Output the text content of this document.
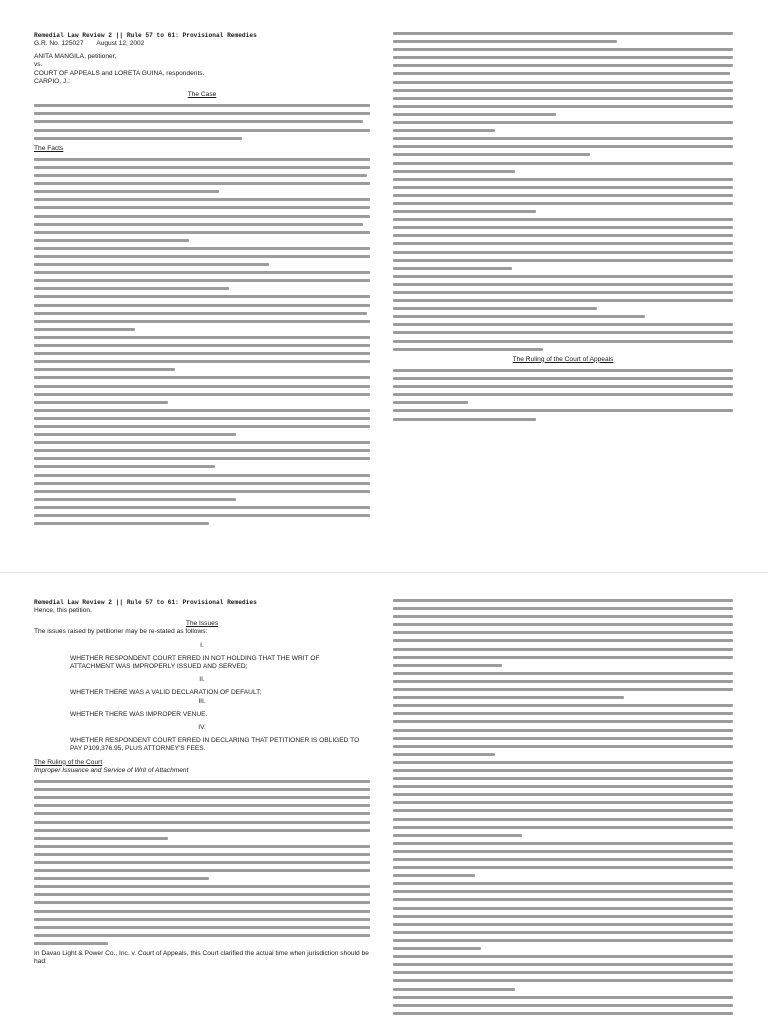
Remedial Law Review 2 || Rule 57 to 61: Provisional Remedies
G.R. No. 125027 August 12, 2002
ANITA MANGILA, petitioner,
vs.
COURT OF APPEALS and LORETA GUINA, respondents.
CARPIO, J.:
The Case
The Facts
The Ruling of the Court of Appeals
Remedial Law Review 2 || Rule 57 to 61: Provisional Remedies
Hence, this petition.
The Issues
The issues raised by petitioner may be re-stated as follows:
I.
WHETHER RESPONDENT COURT ERRED IN NOT HOLDING THAT THE WRIT OF ATTACHMENT WAS IMPROPERLY ISSUED AND SERVED;
II.
WHETHER THERE WAS A VALID DECLARATION OF DEFAULT;
III.
WHETHER THERE WAS IMPROPER VENUE.
IV.
WHETHER RESPONDENT COURT ERRED IN DECLARING THAT PETITIONER IS OBLIGED TO PAY P109,376.95, PLUS ATTORNEY'S FEES.
The Ruling of the Court
Improper Issuance and Service of Writ of Attachment
In Davao Light & Power Co., Inc. v. Court of Appeals, this Court clarified the actual time when jurisdiction should be had:
